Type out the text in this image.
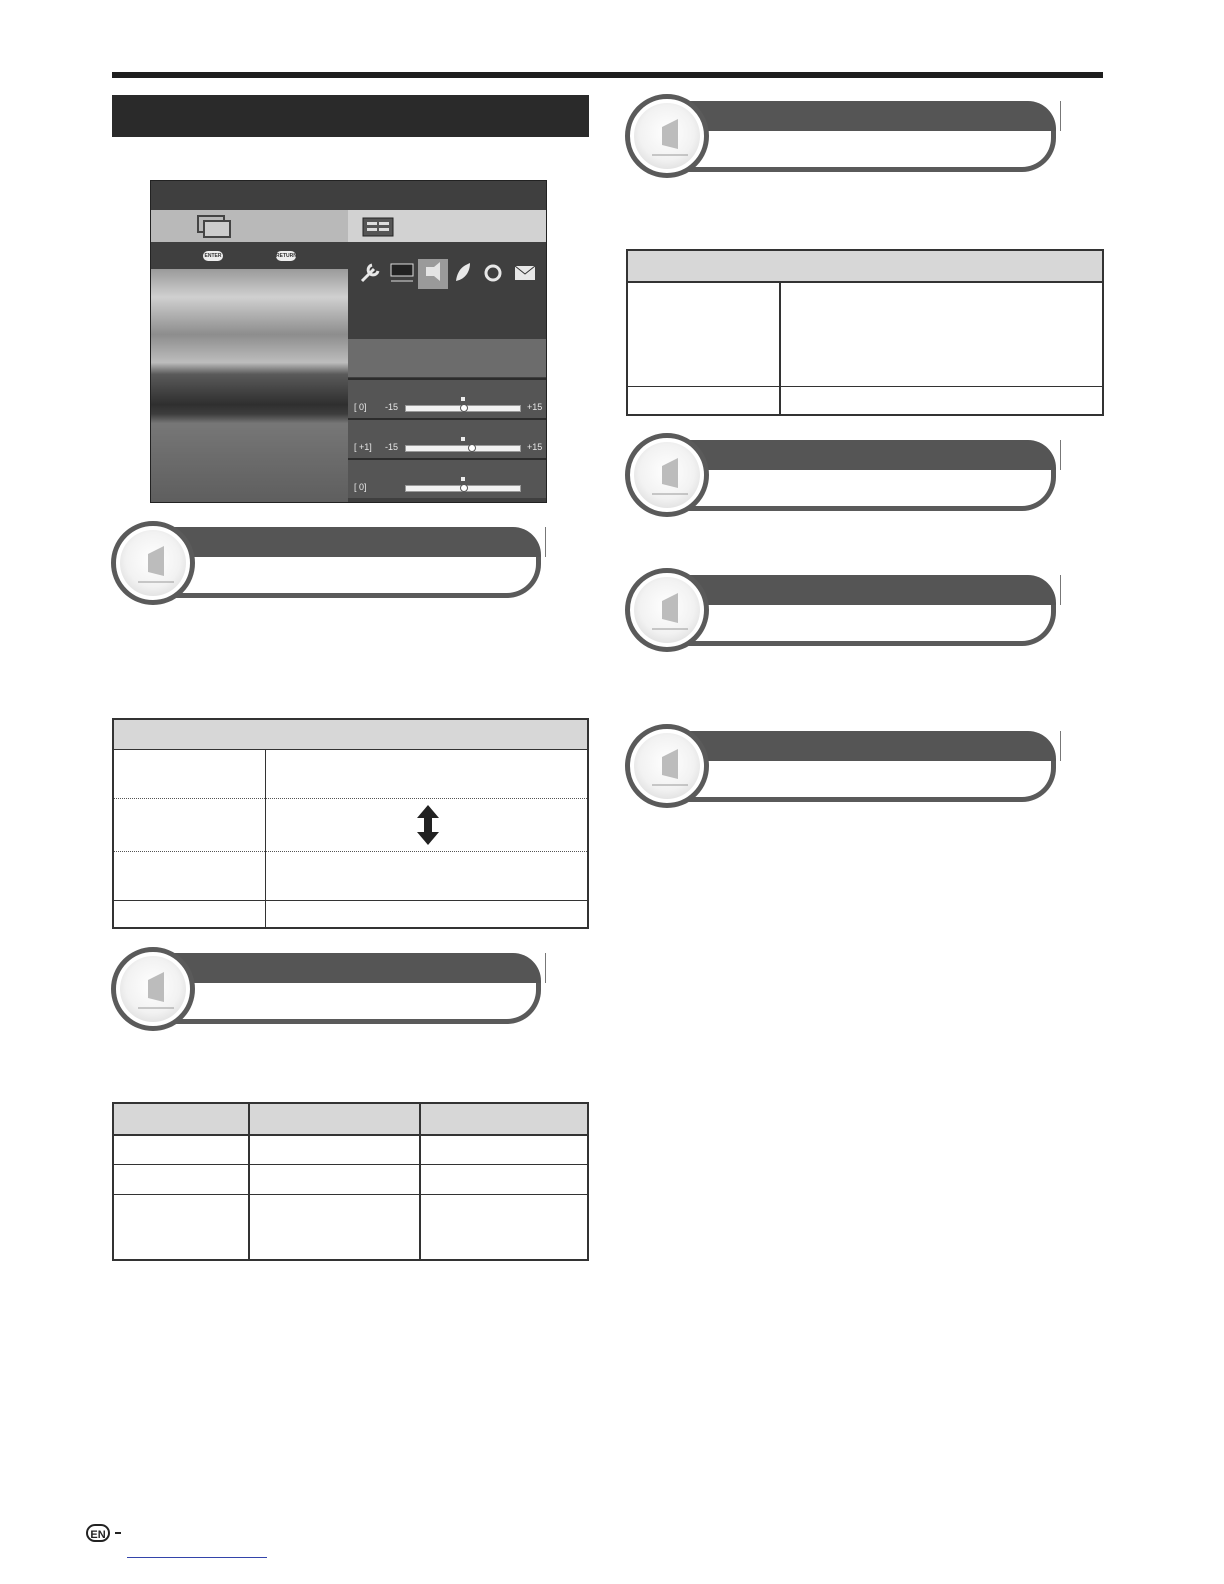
ENTER	RETURN
[ 0] -15	+15
[ +1] -15	+15
[ 0]
EN
